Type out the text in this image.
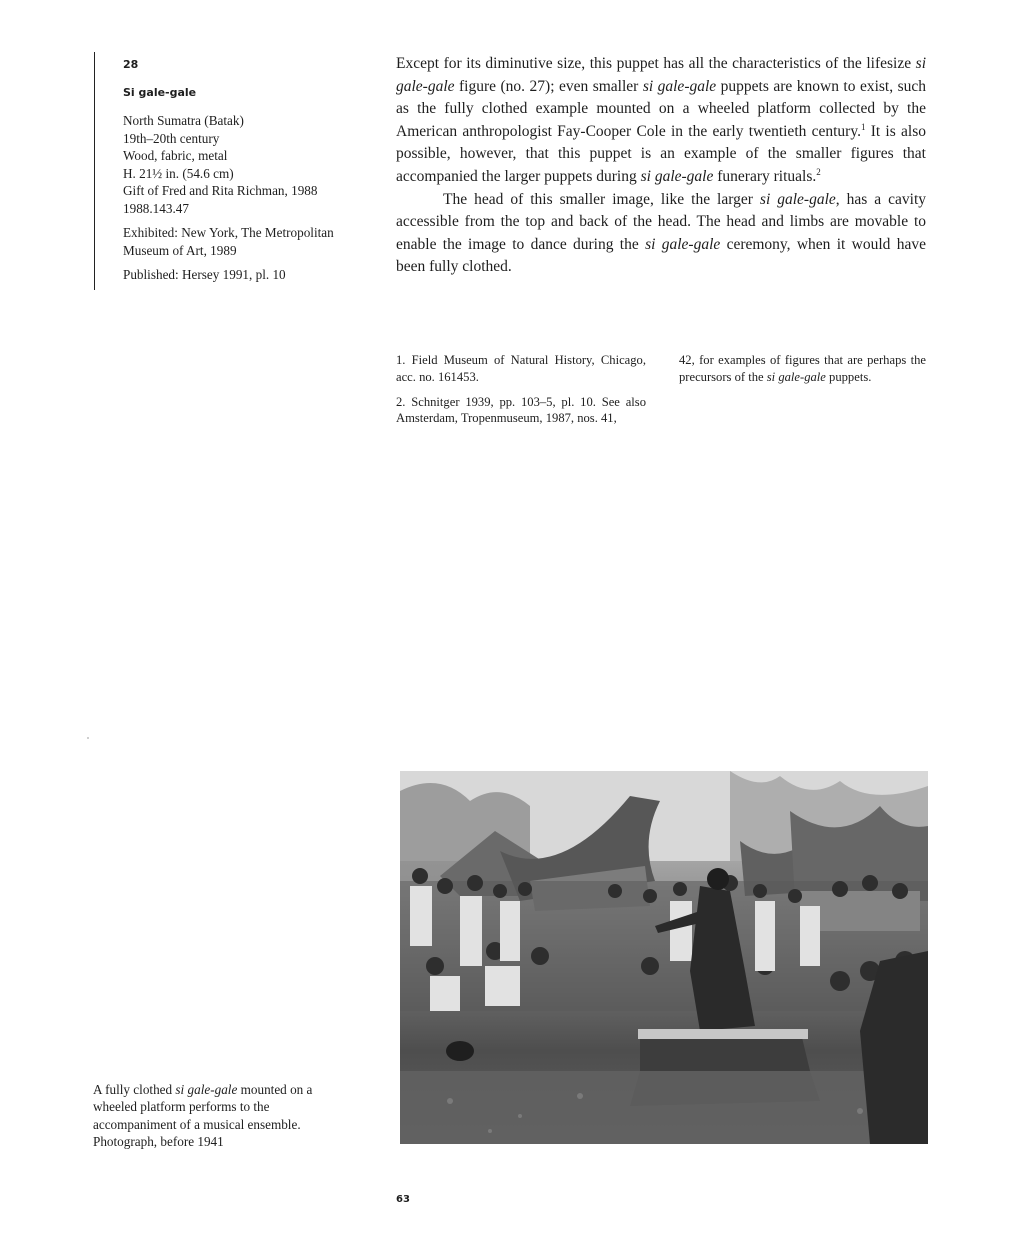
28
Si gale-gale

North Sumatra (Batak)
19th–20th century
Wood, fabric, metal
H. 21½ in. (54.6 cm)
Gift of Fred and Rita Richman, 1988
1988.143.47

Exhibited: New York, The Metropolitan
Museum of Art, 1989

Published: Hersey 1991, pl. 10

Except for its diminutive size, this puppet has all the characteristics of the lifesize si gale-gale figure (no. 27); even smaller si gale-gale puppets are known to exist, such as the fully clothed example mounted on a wheeled platform collected by the American anthropologist Fay-Cooper Cole in the early twentieth century.$^1$ It is also possible, however, that this puppet is an example of the smaller figures that accompanied the larger puppets during si gale-gale funerary rituals.$^2$

The head of this smaller image, like the larger si gale-gale, has a cavity accessible from the top and back of the head. The head and limbs are movable to enable the image to dance during the si gale-gale ceremony, when it would have been fully clothed.

1. Field Museum of Natural History, Chicago, acc. no. 161453.

2. Schnitger 1939, pp. 103–5, pl. 10. See also Amsterdam, Tropenmuseum, 1987, nos. 41,

42, for examples of figures that are perhaps the precursors of the si gale-gale puppets.

A fully clothed si gale-gale mounted on a wheeled platform performs to the accompaniment of a musical ensemble. Photograph, before 1941
63
